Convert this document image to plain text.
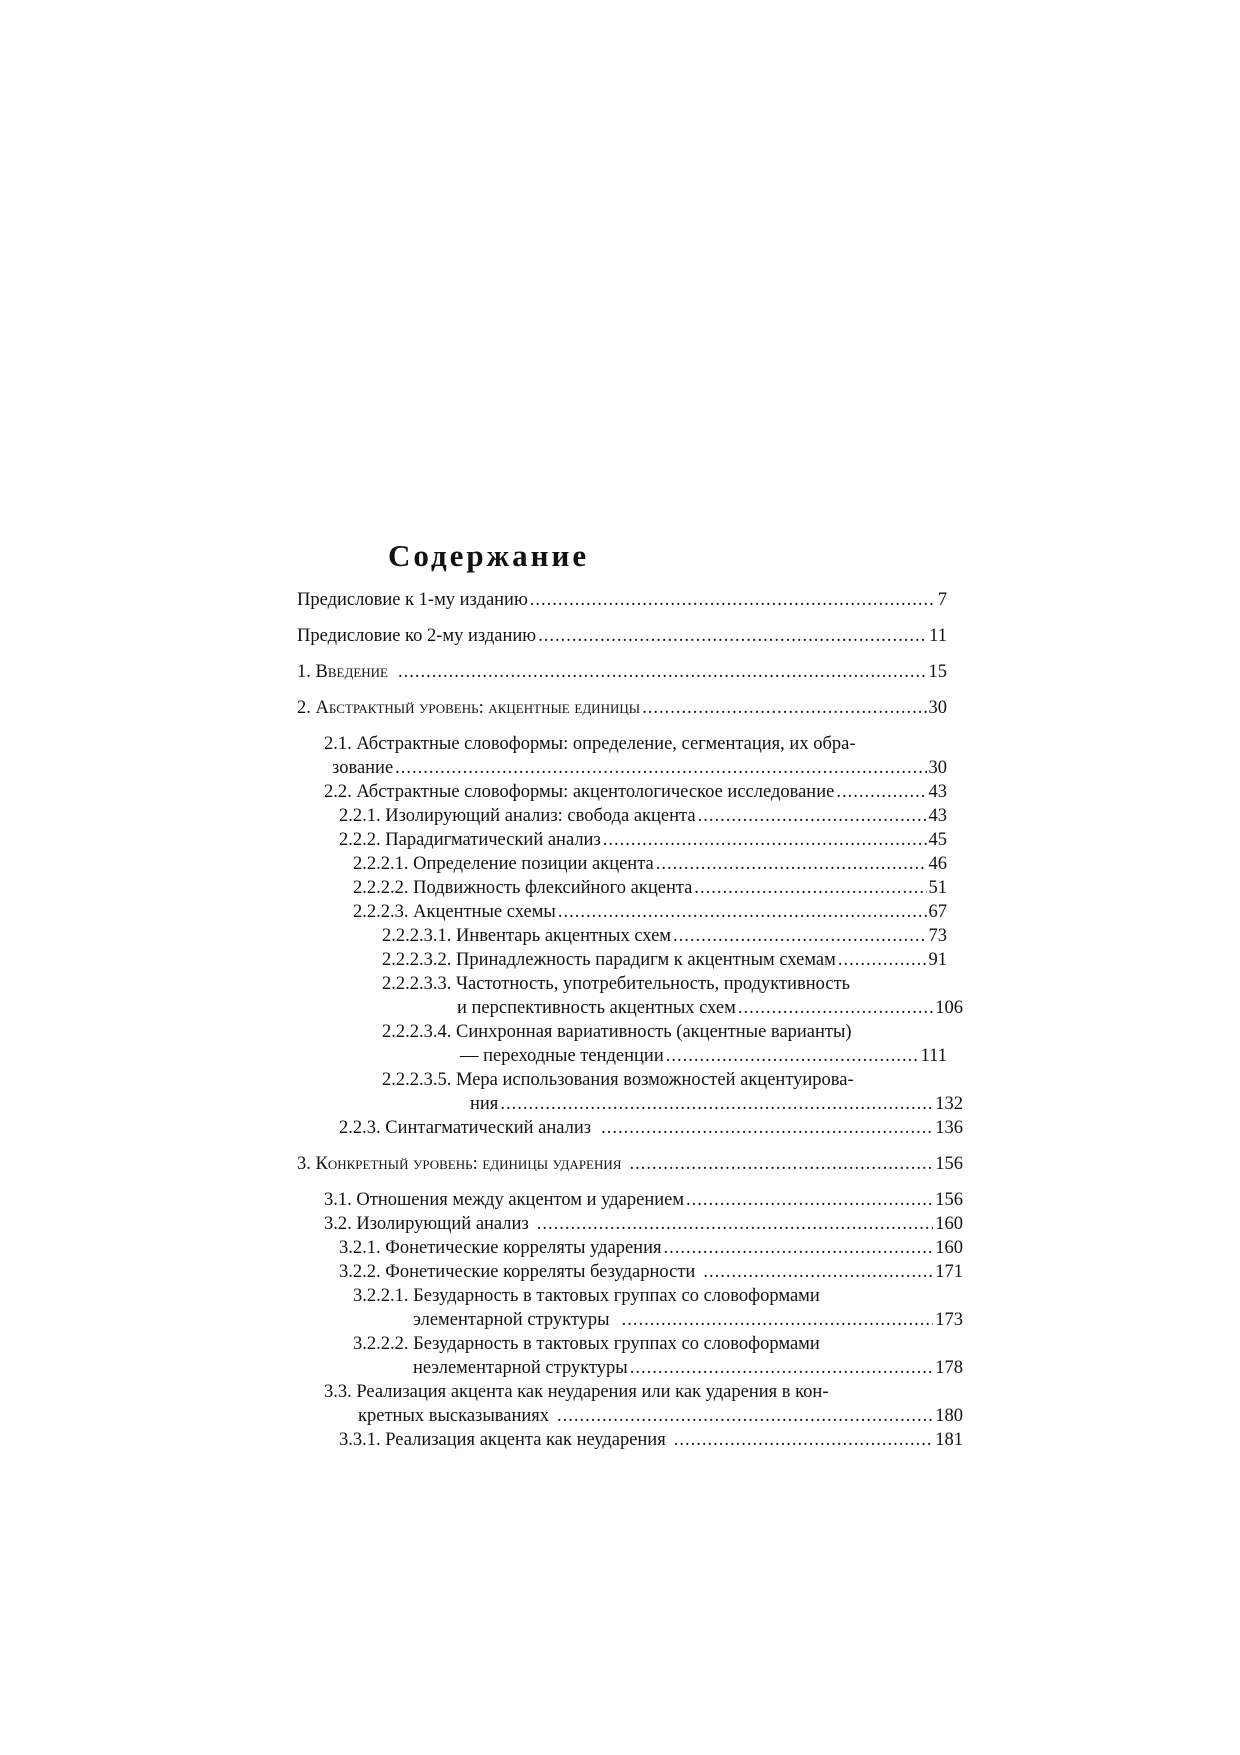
Содержание
Предисловие к 1-му изданию .....	7
Предисловие ко 2-му изданию .....	11
1. Введение .....	15
2. Абстрактный уровень: акцентные единицы .....	30
2.1. Абстрактные словоформы: определение, сегментация, их обра-
зование .....	30
2.2. Абстрактные словоформы: акцентологическое исследование .....	43
2.2.1. Изолирующий анализ: свобода акцента .....	43
2.2.2. Парадигматический анализ .....	45
2.2.2.1. Определение позиции акцента .....	46
2.2.2.2. Подвижность флексийного акцента .....	51
2.2.2.3. Акцентные схемы .....	67
2.2.2.3.1. Инвентарь акцентных схем .....	73
2.2.2.3.2. Принадлежность парадигм к акцентным схемам .....	91
2.2.2.3.3. Частотность, употребительность, продуктивность
и перспективность акцентных схем .....	106
2.2.2.3.4. Синхронная вариативность (акцентные варианты)
— переходные тенденции .....	111
2.2.2.3.5. Мера использования возможностей акцентуирова-
ния .....	132
2.2.3. Синтагматический анализ .....	136
3. Конкретный уровень: единицы ударения .....	156
3.1. Отношения между акцентом и ударением .....	156
3.2. Изолирующий анализ .....	160
3.2.1. Фонетические корреляты ударения .....	160
3.2.2. Фонетические корреляты безударности .....	171
3.2.2.1. Безударность в тактовых группах со словоформами
элементарной структуры .....	173
3.2.2.2. Безударность в тактовых группах со словоформами
неэлементарной структуры .....	178
3.3. Реализация акцента как неударения или как ударения в кон-
кретных высказываниях .....	180
3.3.1. Реализация акцента как неударения .....	181
